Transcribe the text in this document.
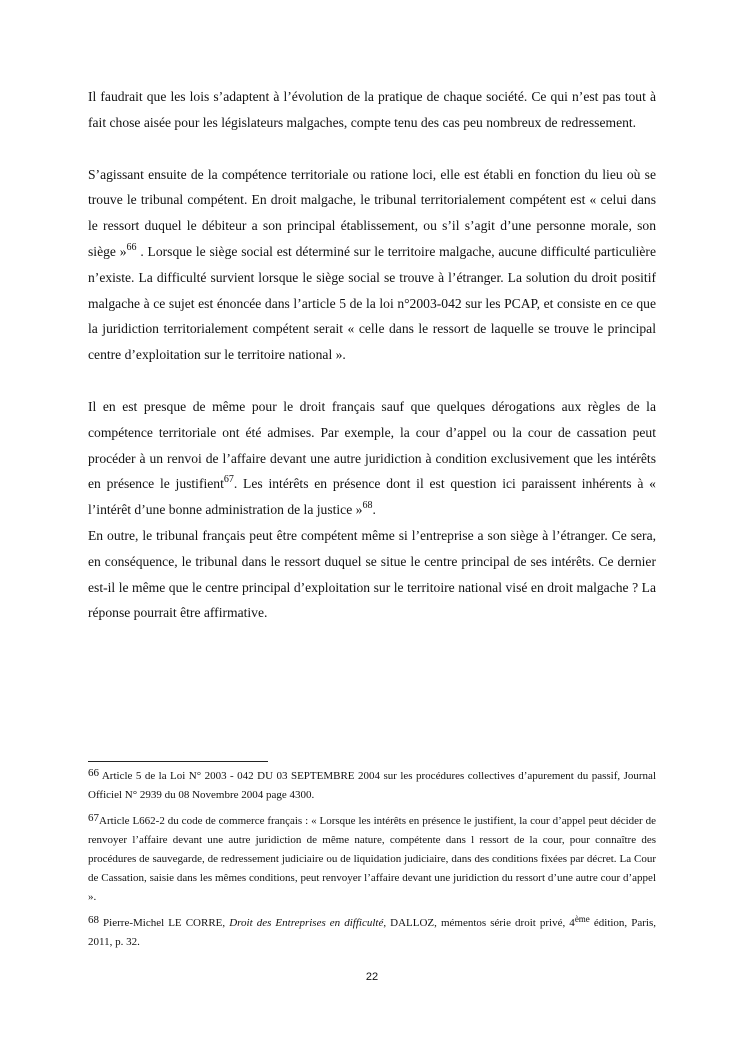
Il faudrait que les lois s’adaptent à l’évolution de la pratique de chaque société. Ce qui n’est pas tout à fait chose aisée pour les législateurs malgaches, compte tenu des cas peu nombreux de redressement.

S’agissant ensuite de la compétence territoriale ou ratione loci, elle est établi en fonction du lieu où se trouve le tribunal compétent. En droit malgache, le tribunal territorialement compétent est « celui dans le ressort duquel le débiteur a son principal établissement, ou s’il s’agit d’une personne morale, son siège »$^{66}$ . Lorsque le siège social est déterminé sur le territoire malgache, aucune difficulté particulière n’existe. La difficulté survient lorsque le siège social se trouve à l’étranger. La solution du droit positif malgache à ce sujet est énoncée dans l’article 5 de la loi n°2003-042 sur les PCAP, et consiste en ce que la juridiction territorialement compétent serait « celle dans le ressort de laquelle se trouve le principal centre d’exploitation sur le territoire national ».

Il en est presque de même pour le droit français sauf que quelques dérogations aux règles de la compétence territoriale ont été admises. Par exemple, la cour d’appel ou la cour de cassation peut procéder à un renvoi de l’affaire devant une autre juridiction à condition exclusivement que les intérêts en présence le justifient$^{67}$. Les intérêts en présence dont il est question ici paraissent inhérents à « l’intérêt d’une bonne administration de la justice »$^{68}$.

En outre, le tribunal français peut être compétent même si l’entreprise a son siège à l’étranger. Ce sera, en conséquence, le tribunal dans le ressort duquel se situe le centre principal de ses intérêts. Ce dernier est-il le même que le centre principal d’exploitation sur le territoire national visé en droit malgache ? La réponse pourrait être affirmative.

66 Article 5 de la Loi N° 2003 - 042 DU 03 SEPTEMBRE 2004 sur les procédures collectives d’apurement du passif, Journal Officiel N° 2939 du 08 Novembre 2004 page 4300.

67Article L662-2 du code de commerce français : « Lorsque les intérêts en présence le justifient, la cour d’appel peut décider de renvoyer l’affaire devant une autre juridiction de même nature, compétente dans l ressort de la cour, pour connaître des procédures de sauvegarde, de redressement judiciaire ou de liquidation judiciaire, dans des conditions fixées par décret. La Cour de Cassation, saisie dans les mêmes conditions, peut renvoyer l’affaire devant une juridiction du ressort d’une autre cour d’appel ».

68 Pierre-Michel LE CORRE, Droit des Entreprises en difficulté, DALLOZ, mémentos série droit privé, 4ème édition, Paris, 2011, p. 32.

22
